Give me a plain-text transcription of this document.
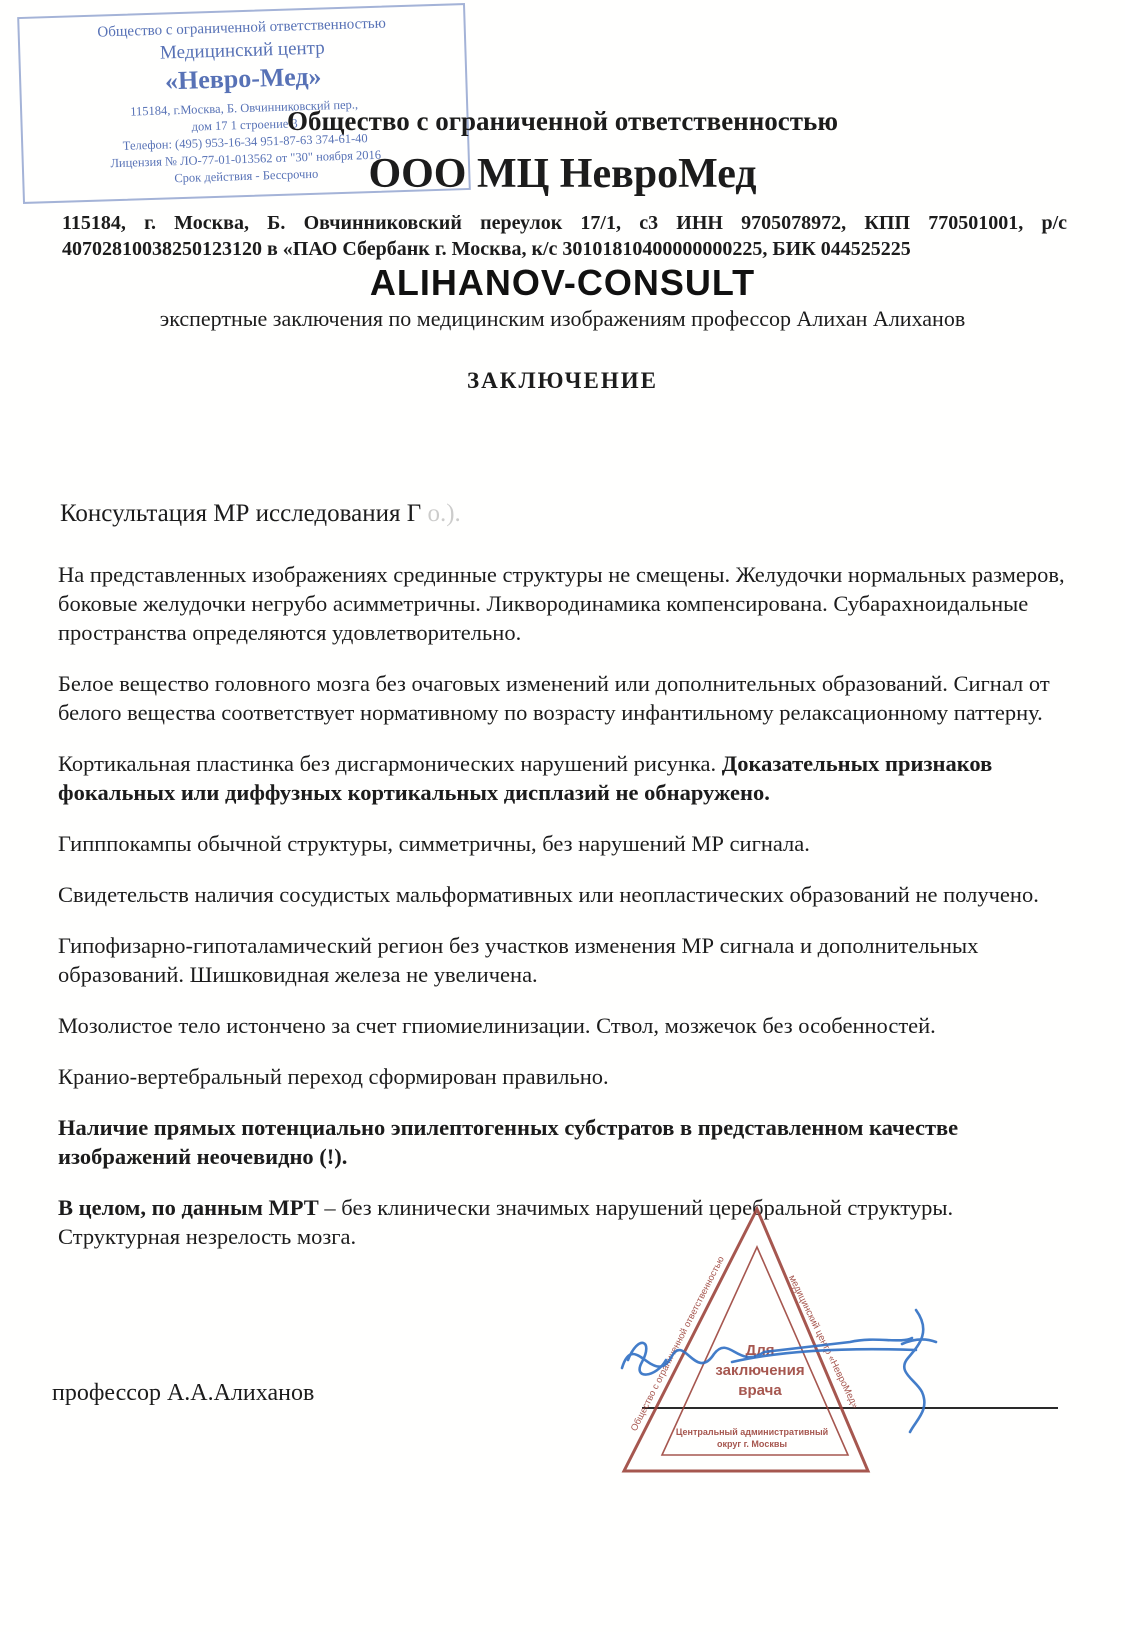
Общество с ограниченной ответственностью
Медицинский центр
«Невро-Мед»
115184, г.Москва, Б. Овчинниковский пер.,
дом 17 1 строение 3
Телефон: (495) 953-16-34 951-87-63 374-61-40
Лицензия № ЛО-77-01-013562 от "30" ноября 2016
Срок действия - Бессрочно
Общество с ограниченной ответственностью
ООО МЦ НевроМед
115184, г. Москва, Б. Овчинниковский переулок 17/1, с3 ИНН 9705078972, КПП 770501001, р/с 40702810038250123120 в «ПАО Сбербанк г. Москва, к/с 30101810400000000225, БИК 044525225
ALIHANOV-CONSULT
экспертные заключения по медицинским изображениям профессор Алихан Алиханов
ЗАКЛЮЧЕНИЕ
Консультация МР исследования Г о.).

На представленных изображениях срединные структуры не смещены. Желудочки нормальных размеров, боковые желудочки негрубо асимметричны. Ликвородинамика компенсирована. Субарахноидальные пространства определяются удовлетворительно.

Белое вещество головного мозга без очаговых изменений или дополнительных образований. Сигнал от белого вещества соответствует нормативному по возрасту инфантильному релаксационному паттерну.

Кортикальная пластинка без дисгармонических нарушений рисунка. Доказательных признаков фокальных или диффузных кортикальных дисплазий не обнаружено.

Гипппокампы обычной структуры, симметричны, без нарушений МР сигнала.

Свидетельств наличия сосудистых мальформативных или неопластических образований не получено.

Гипофизарно-гипоталамический регион без участков изменения МР сигнала и дополнительных образований. Шишковидная железа не увеличена.

Мозолистое тело истончено за счет гпиомиелинизации. Ствол, мозжечок без особенностей.

Кранио-вертебральный переход сформирован правильно.

Наличие прямых потенциально эпилептогенных субстратов в представленном качестве изображений неочевидно (!).

В целом, по данным МРТ – без клинически значимых нарушений церебральной структуры. Структурная незрелость мозга.

профессор А.А.Алиханов	Общество с ограниченной ответственностью	медицинский центр «НевроМед»
Для
заключения
врача
Центральный административный
округ г. Москвы
